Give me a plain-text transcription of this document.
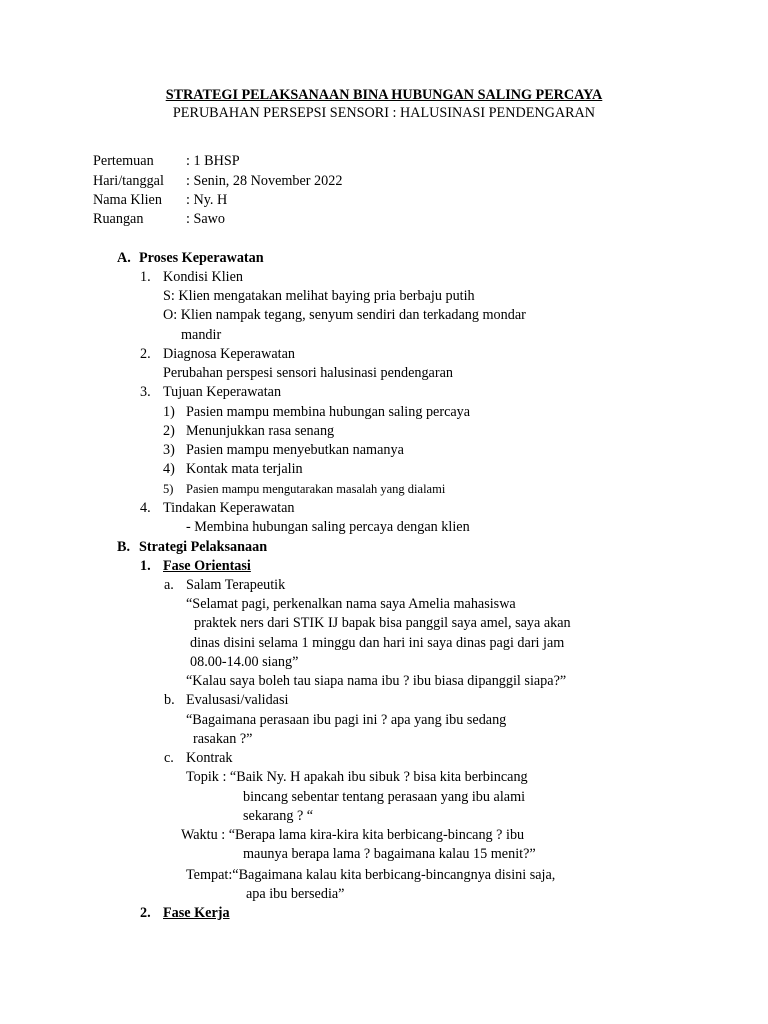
STRATEGI PELAKSANAAN BINA HUBUNGAN SALING PERCAYA
PERUBAHAN PERSEPSI SENSORI : HALUSINASI PENDENGARAN
Pertemuan : 1 BHSP
Hari/tanggal : Senin, 28 November 2022
Nama Klien : Ny. H
Ruangan	: Sawo
A. Proses Keperawatan
1. Kondisi Klien
S: Klien mengatakan melihat baying pria berbaju putih
O: Klien nampak tegang, senyum sendiri dan terkadang mondar
mandir
2. Diagnosa Keperawatan
Perubahan perspesi sensori halusinasi pendengaran
3. Tujuan Keperawatan
1) Pasien mampu membina hubungan saling percaya
2) Menunjukkan rasa senang
3) Pasien mampu menyebutkan namanya
4) Kontak mata terjalin
5) Pasien mampu mengutarakan masalah yang dialami
4. Tindakan Keperawatan
- Membina hubungan saling percaya dengan klien
B. Strategi Pelaksanaan
1. Fase Orientasi
a. Salam Terapeutik
“Selamat pagi, perkenalkan nama saya Amelia mahasiswa
praktek ners dari STIK IJ bapak bisa panggil saya amel, saya akan
dinas disini selama 1 minggu dan hari ini saya dinas pagi dari jam
08.00-14.00 siang”
“Kalau saya boleh tau siapa nama ibu ? ibu biasa dipanggil siapa?”
b. Evalusasi/validasi
“Bagaimana perasaan ibu pagi ini ? apa yang ibu sedang
rasakan ?”
c. Kontrak
Topik : “Baik Ny. H apakah ibu sibuk ? bisa kita berbincang
bincang sebentar tentang perasaan yang ibu alami
sekarang ? “
Waktu : “Berapa lama kira-kira kita berbicang-bincang ? ibu
maunya berapa lama ? bagaimana kalau 15 menit?”
Tempat:“Bagaimana kalau kita berbicang-bincangnya disini saja,
apa ibu bersedia”
2. Fase Kerja
